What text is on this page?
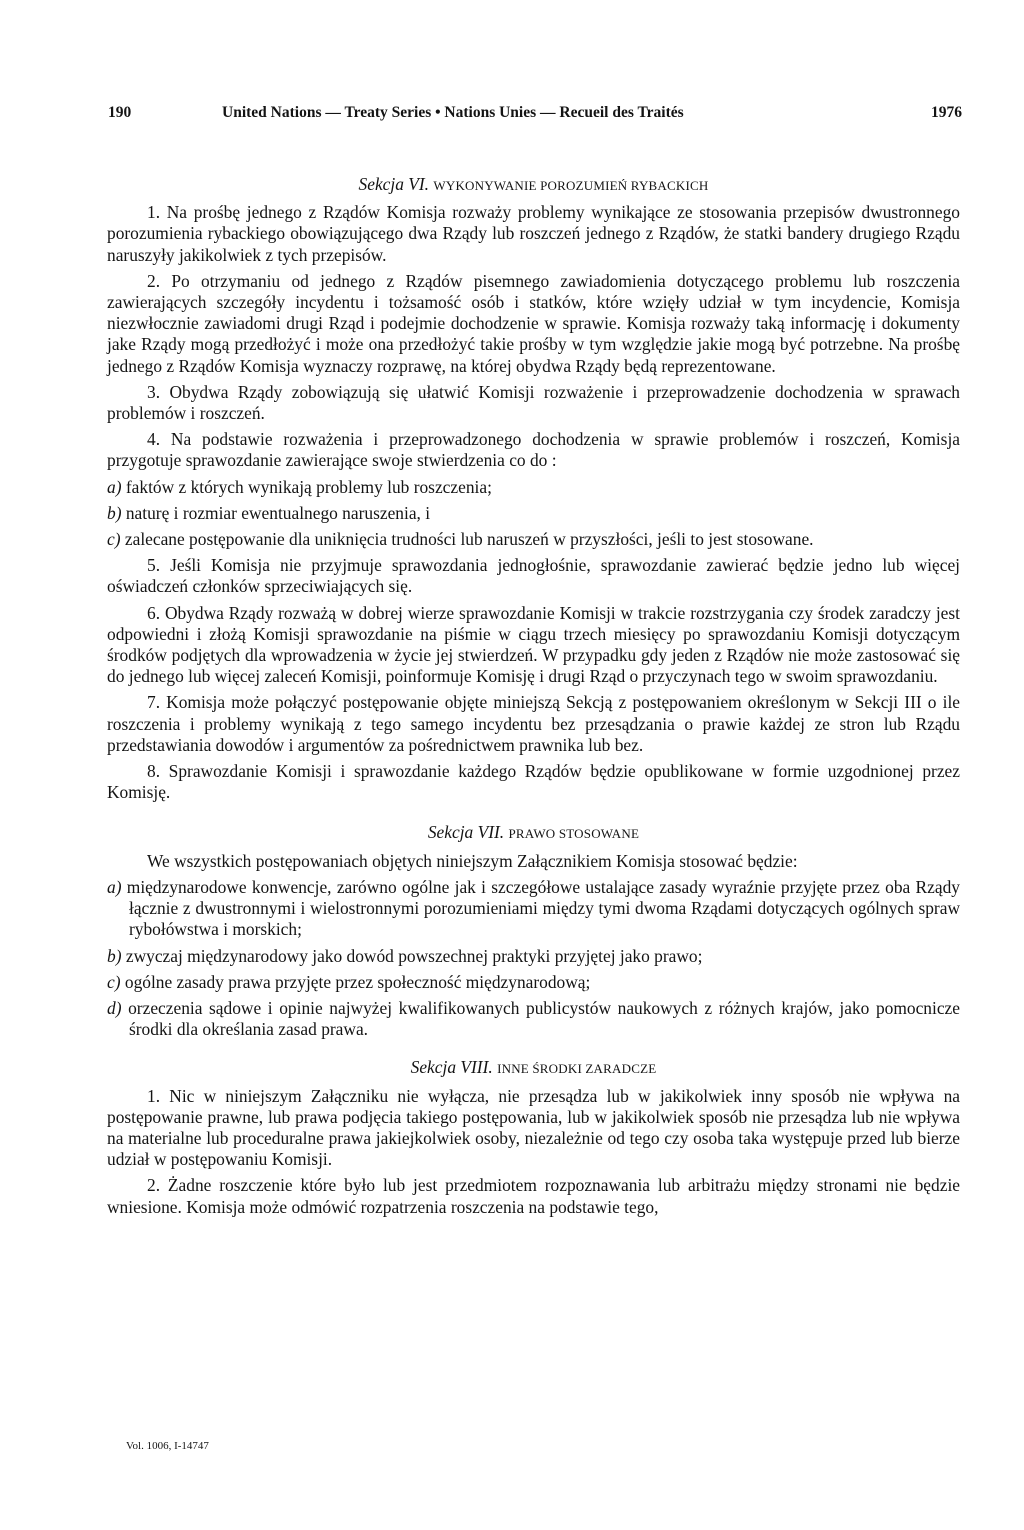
190	United Nations — Treaty Series • Nations Unies — Recueil des Traités	1976
Sekcja VI. WYKONYWANIE POROZUMIEŃ RYBACKICH

1. Na prośbę jednego z Rządów Komisja rozważy problemy wynikające ze stosowania przepisów dwustronnego porozumienia rybackiego obowiązującego dwa Rządy lub roszczeń jednego z Rządów, że statki bandery drugiego Rządu naruszyły jakikolwiek z tych przepisów.

2. Po otrzymaniu od jednego z Rządów pisemnego zawiadomienia dotyczącego problemu lub roszczenia zawierających szczegóły incydentu i tożsamość osób i statków, które wzięły udział w tym incydencie, Komisja niezwłocznie zawiadomi drugi Rząd i podejmie dochodzenie w sprawie. Komisja rozważy taką informację i dokumenty jake Rządy mogą przedłożyć i może ona przedłożyć takie prośby w tym względzie jakie mogą być potrzebne. Na prośbę jednego z Rządów Komisja wyznaczy rozprawę, na której obydwa Rządy będą reprezentowane.

3. Obydwa Rządy zobowiązują się ułatwić Komisji rozważenie i przeprowadzenie dochodzenia w sprawach problemów i roszczeń.

4. Na podstawie rozważenia i przeprowadzonego dochodzenia w sprawie problemów i roszczeń, Komisja przygotuje sprawozdanie zawierające swoje stwierdzenia co do :

a) faktów z których wynikają problemy lub roszczenia;
b) naturę i rozmiar ewentualnego naruszenia, i
c) zalecane postępowanie dla uniknięcia trudności lub naruszeń w przyszłości, jeśli to jest stosowane.

5. Jeśli Komisja nie przyjmuje sprawozdania jednogłośnie, sprawozdanie zawierać będzie jedno lub więcej oświadczeń członków sprzeciwiających się.

6. Obydwa Rządy rozważą w dobrej wierze sprawozdanie Komisji w trakcie rozstrzygania czy środek zaradczy jest odpowiedni i złożą Komisji sprawozdanie na piśmie w ciągu trzech miesięcy po sprawozdaniu Komisji dotyczącym środków podjętych dla wprowadzenia w życie jej stwierdzeń. W przypadku gdy jeden z Rządów nie może zastosować się do jednego lub więcej zaleceń Komisji, poinformuje Komisję i drugi Rząd o przyczynach tego w swoim sprawozdaniu.

7. Komisja może połączyć postępowanie objęte miniejszą Sekcją z postępowaniem określonym w Sekcji III o ile roszczenia i problemy wynikają z tego samego incydentu bez przesądzania o prawie każdej ze stron lub Rządu przedstawiania dowodów i argumentów za pośrednictwem prawnika lub bez.

8. Sprawozdanie Komisji i sprawozdanie każdego Rządów będzie opublikowane w formie uzgodnionej przez Komisję.

Sekcja VII. PRAWO STOSOWANE

We wszystkich postępowaniach objętych niniejszym Załącznikiem Komisja stosować będzie:

a) międzynarodowe konwencje, zarówno ogólne jak i szczegółowe ustalające zasady wyraźnie przyjęte przez oba Rządy łącznie z dwustronnymi i wielostronnymi porozumieniami między tymi dwoma Rządami dotyczących ogólnych spraw rybołówstwa i morskich;
b) zwyczaj międzynarodowy jako dowód powszechnej praktyki przyjętej jako prawo;
c) ogólne zasady prawa przyjęte przez społeczność międzynarodową;
d) orzeczenia sądowe i opinie najwyżej kwalifikowanych publicystów naukowych z różnych krajów, jako pomocnicze środki dla określania zasad prawa.
Sekcja VIII. INNE ŚRODKI ZARADCZE

1. Nic w niniejszym Załączniku nie wyłącza, nie przesądza lub w jakikolwiek inny sposób nie wpływa na postępowanie prawne, lub prawa podjęcia takiego postępowania, lub w jakikolwiek sposób nie przesądza lub nie wpływa na materialne lub proceduralne prawa jakiejkolwiek osoby, niezależnie od tego czy osoba taka występuje przed lub bierze udział w postępowaniu Komisji.

2. Żadne roszczenie które było lub jest przedmiotem rozpoznawania lub arbitrażu między stronami nie będzie wniesione. Komisja może odmówić rozpatrzenia roszczenia na podstawie tego,

Vol. 1006, I-14747
